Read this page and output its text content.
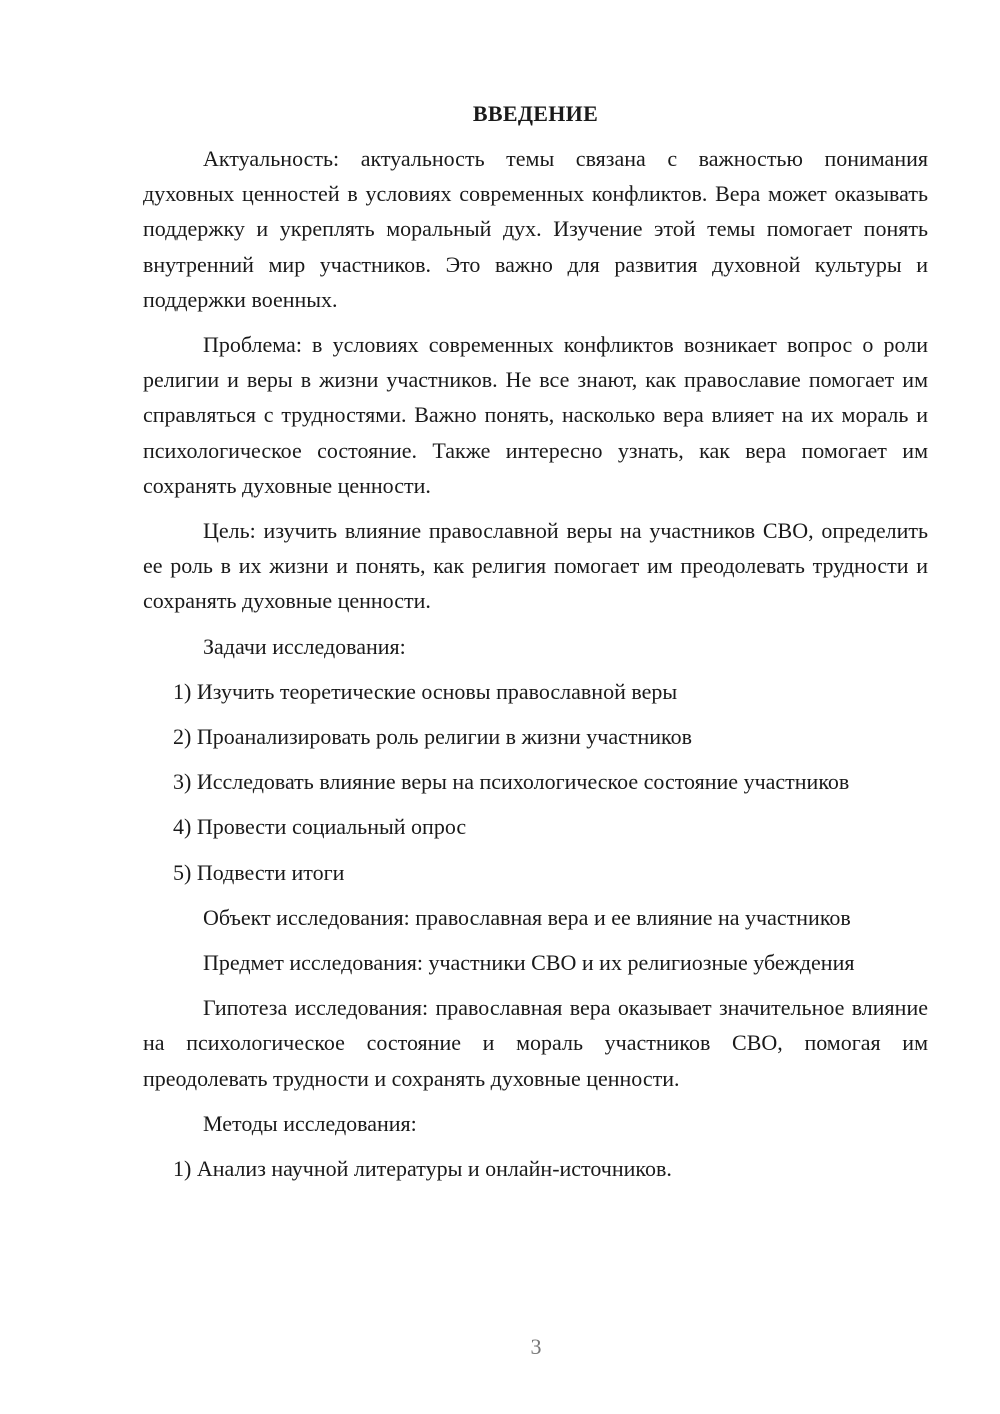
ВВЕДЕНИЕ

Актуальность: актуальность темы связана с важностью понимания духовных ценностей в условиях современных конфликтов. Вера может оказывать поддержку и укреплять моральный дух. Изучение этой темы помогает понять внутренний мир участников. Это важно для развития духовной культуры и поддержки военных.

Проблема: в условиях современных конфликтов возникает вопрос о роли религии и веры в жизни участников. Не все знают, как православие помогает им справляться с трудностями. Важно понять, насколько вера влияет на их мораль и психологическое состояние. Также интересно узнать, как вера помогает им сохранять духовные ценности.

Цель: изучить влияние православной веры на участников СВО, определить ее роль в их жизни и понять, как религия помогает им преодолевать трудности и сохранять духовные ценности.

Задачи исследования:

1) Изучить теоретические основы православной веры

2) Проанализировать роль религии в жизни участников

3) Исследовать влияние веры на психологическое состояние участников

4) Провести социальный опрос

5) Подвести итоги

Объект исследования: православная вера и ее влияние на участников

Предмет исследования: участники СВО и их религиозные убеждения

Гипотеза исследования: православная вера оказывает значительное влияние на психологическое состояние и мораль участников СВО, помогая им преодолевать трудности и сохранять духовные ценности.

Методы исследования:

1) Анализ научной литературы и онлайн-источников.

3
